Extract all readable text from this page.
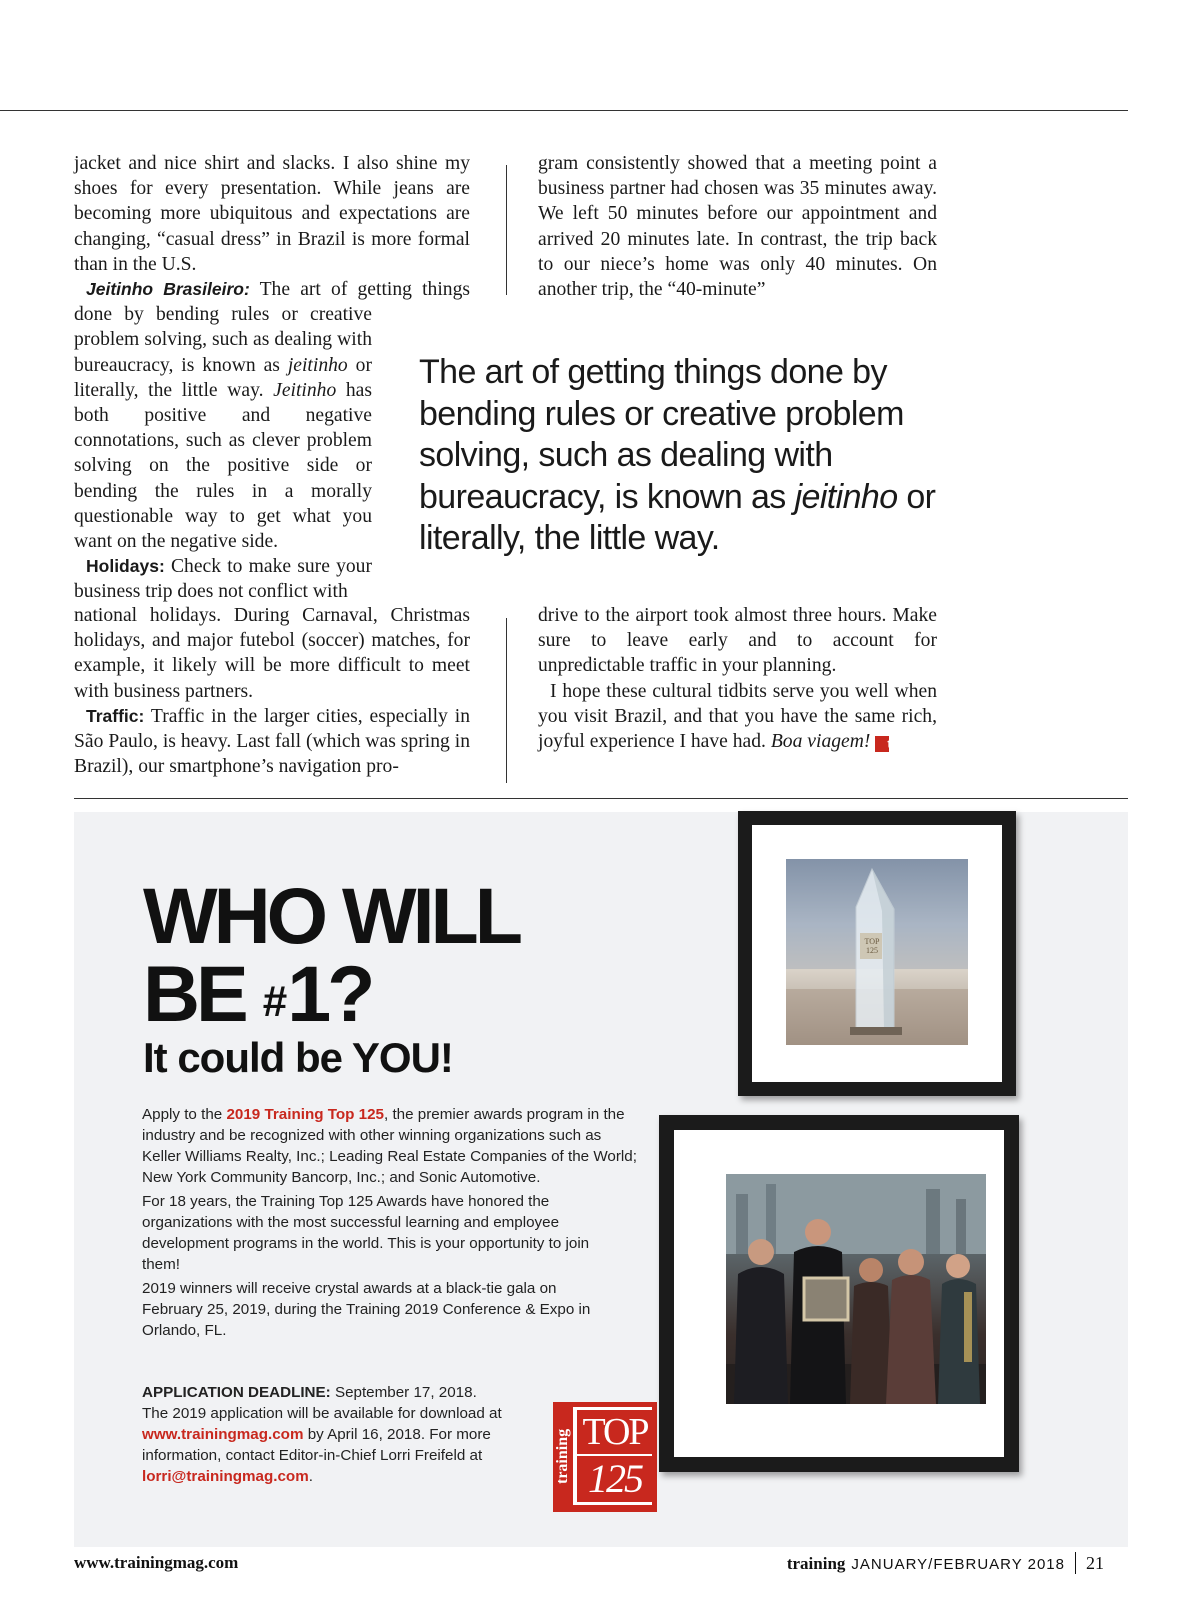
jacket and nice shirt and slacks. I also shine my shoes for every presentation. While jeans are becoming more ubiquitous and expectations are changing, “casual dress” in Brazil is more formal than in the U.S.

Jeitinho Brasileiro: The art of getting things done by bending rules or creative problem solving, such as dealing with bureaucracy, is known as jeitinho or literally, the little way. Jeitinho has both positive and negative connotations, such as clever problem solving on the positive side or bending the rules in a morally questionable way to get what you want on the negative side.

Holidays: Check to make sure your business trip does not conflict with

national holidays. During Carnaval, Christmas holidays, and major futebol (soccer) matches, for example, it likely will be more difficult to meet with business partners.

Traffic: Traffic in the larger cities, especially in São Paulo, is heavy. Last fall (which was spring in Brazil), our smartphone’s navigation pro-

gram consistently showed that a meeting point a business partner had chosen was 35 minutes away. We left 50 minutes before our appointment and arrived 20 minutes late. In contrast, the trip back to our niece’s home was only 40 minutes. On another trip, the “40-minute”

The art of getting things done by bending rules or creative problem solving, such as dealing with bureaucracy, is known as jeitinho or literally, the little way.

drive to the airport took almost three hours. Make sure to leave early and to account for unpredictable traffic in your planning.

I hope these cultural tidbits serve you well when you visit Brazil, and that you have the same rich, joyful experience I have had. Boa viagem! t

WHO WILL
BE #1?
It could be YOU!
Apply to the 2019 Training Top 125, the premier awards program in the industry and be recognized with other winning organizations such as Keller Williams Realty, Inc.; Leading Real Estate Companies of the World; New York Community Bancorp, Inc.; and Sonic Automotive.
For 18 years, the Training Top 125 Awards have honored the organizations with the most successful learning and employee development programs in the world. This is your opportunity to join them!
2019 winners will receive crystal awards at a black-tie gala on February 25, 2019, during the Training 2019 Conference & Expo in Orlando, FL.
APPLICATION DEADLINE: September 17, 2018.
The 2019 application will be available for download at www.trainingmag.com by April 16, 2018. For more information, contact Editor-in-Chief Lorri Freifeld at lorri@trainingmag.com.	training TOP
125
TOP 125
www.trainingmag.com	training JANUARY/FEBRUARY 2018 21
